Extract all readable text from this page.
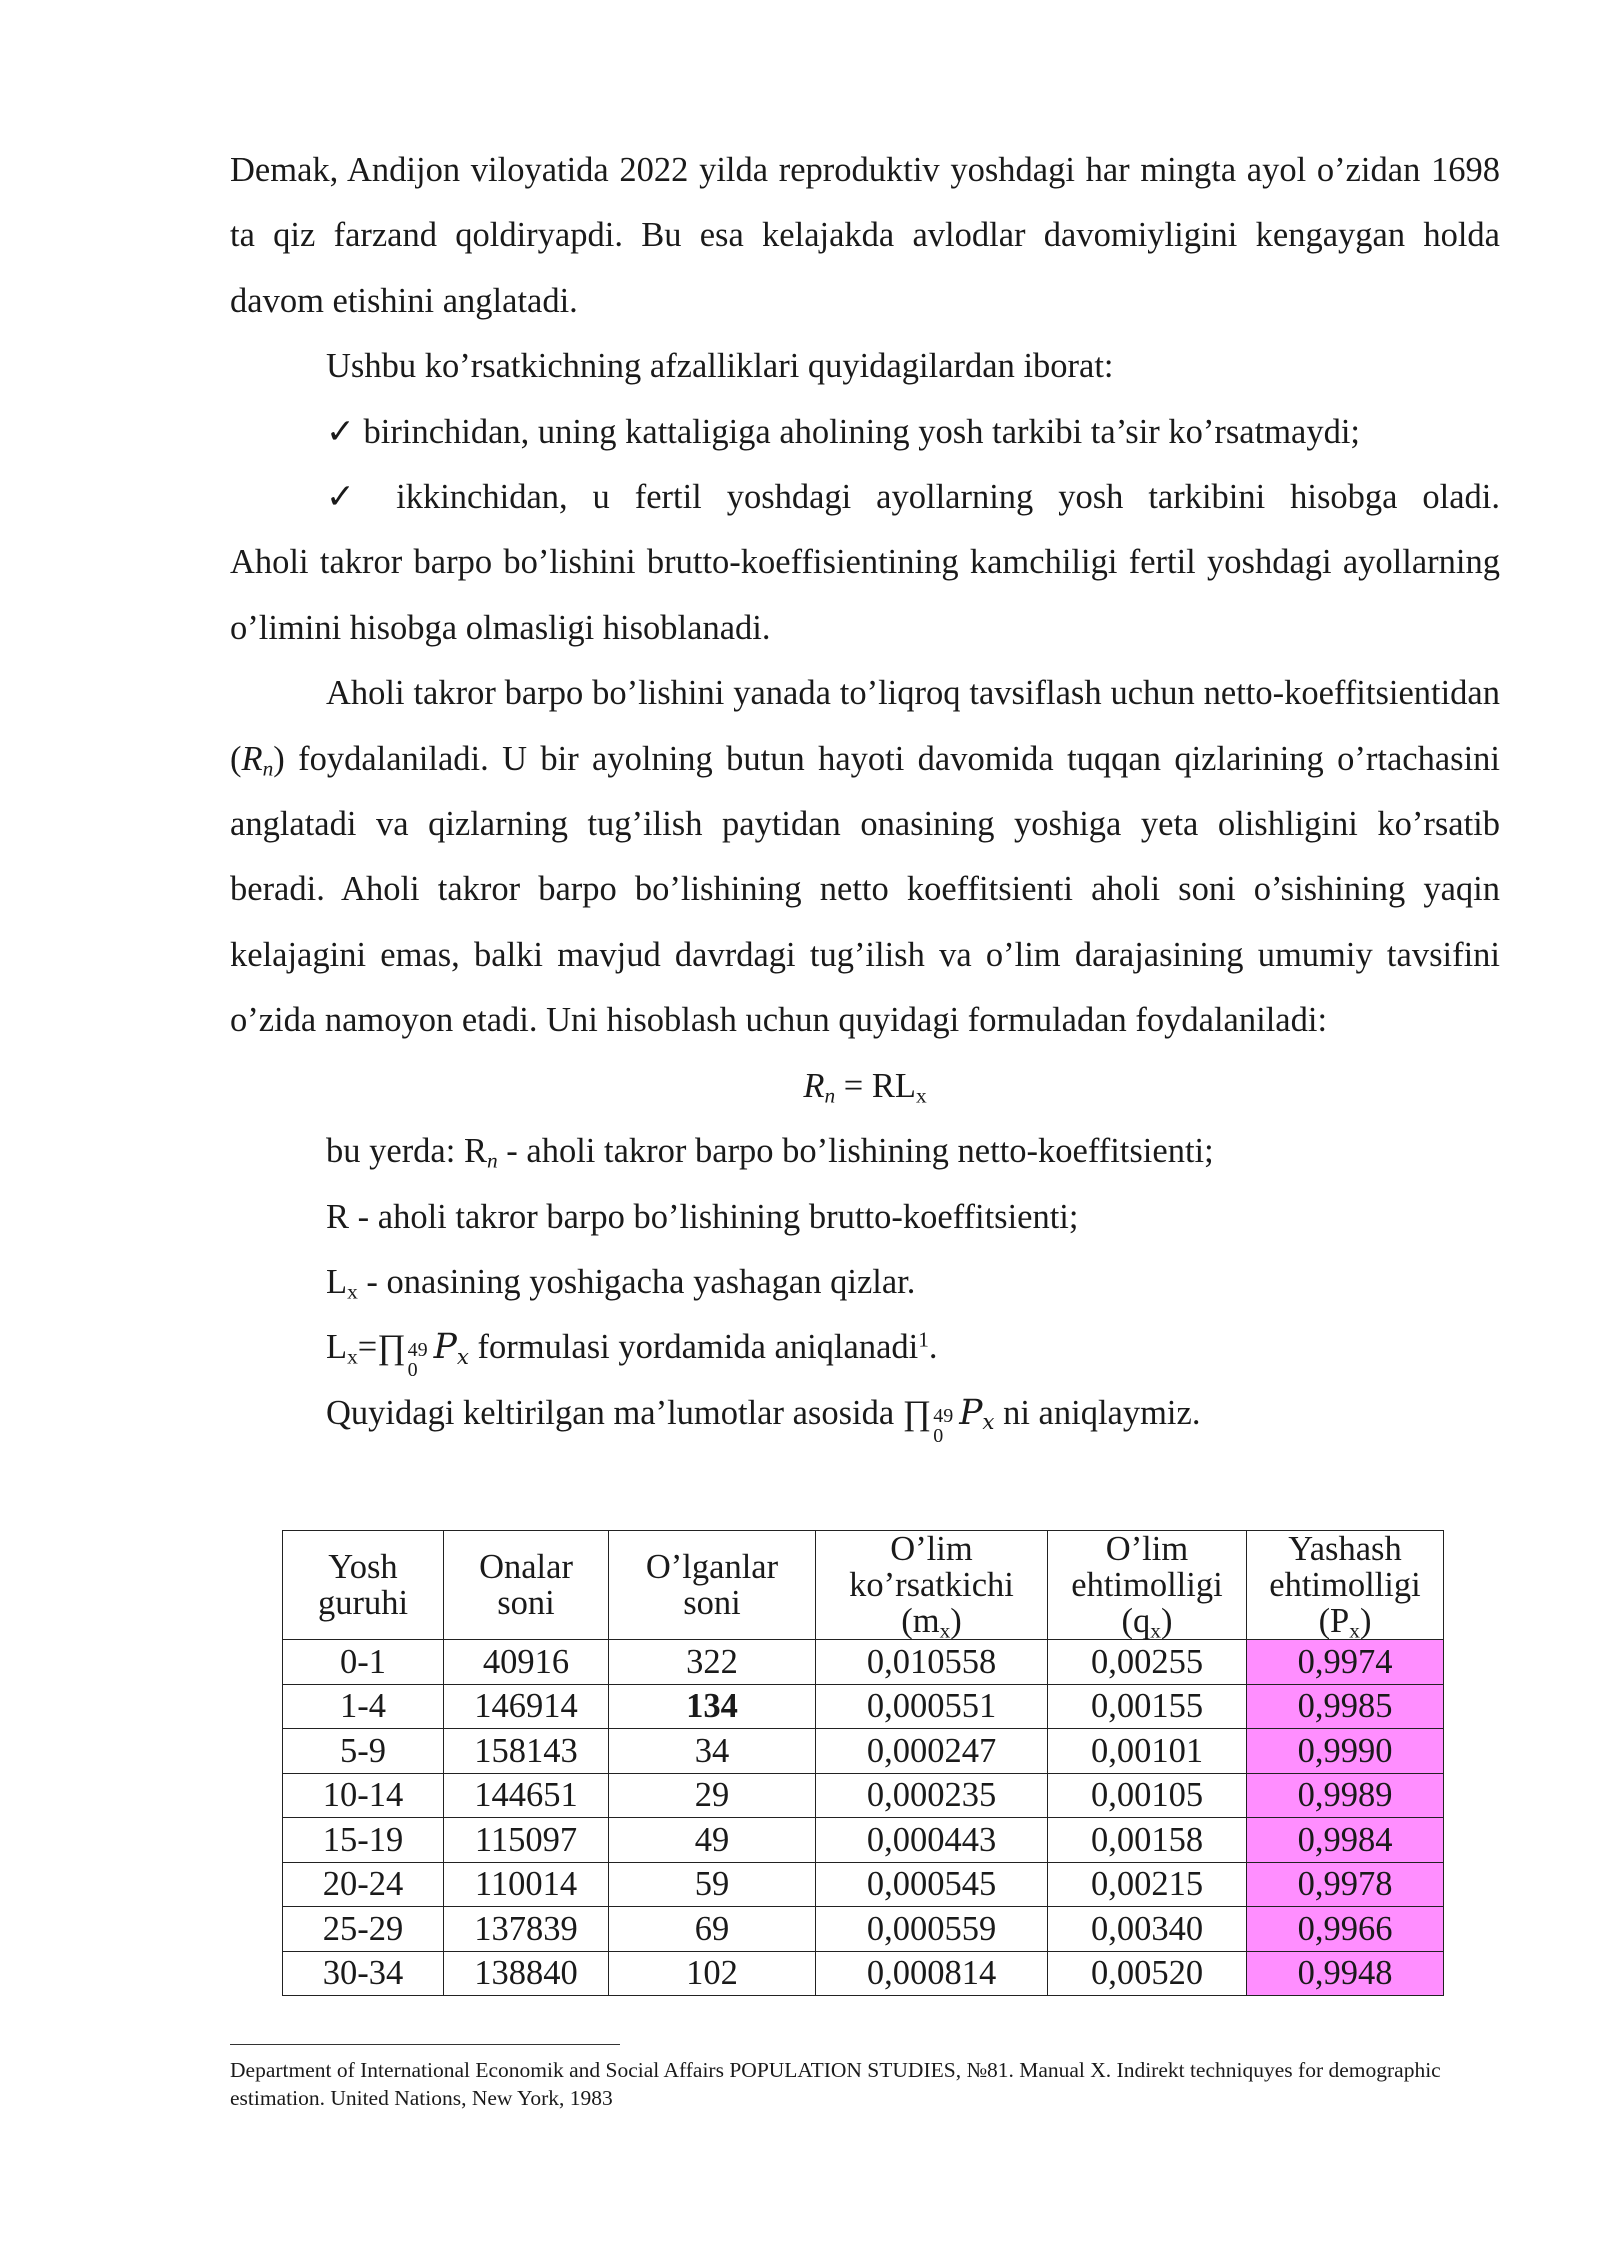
Demak, Andijon viloyatida 2022 yilda reproduktiv yoshdagi har mingta ayol o’zidan 1698 ta qiz farzand qoldiryapdi. Bu esa kelajakda avlodlar davomiyligini kengaygan holda davom etishini anglatadi.

Ushbu ko’rsatkichning afzalliklari quyidagilardan iborat:

✓ birinchidan, uning kattaligiga aholining yosh tarkibi ta’sir ko’rsatmaydi;

✓ ikkinchidan, u fertil yoshdagi ayollarning yosh tarkibini hisobga oladi.

Aholi takror barpo bo’lishini brutto-koeffisientining kamchiligi fertil yoshdagi ayollarning o’limini hisobga olmasligi hisoblanadi.

Aholi takror barpo bo’lishini yanada to’liqroq tavsiflash uchun netto-koeffitsientidan $(R_n)$ foydalaniladi. U bir ayolning butun hayoti davomida tuqqan qizlarining o’rtachasini anglatadi va qizlarning tug’ilish paytidan onasining yoshiga yeta olishligini ko’rsatib beradi. Aholi takror barpo bo’lishining netto koeffitsienti aholi soni o’sishining yaqin kelajagini emas, balki mavjud davrdagi tug’ilish va o’lim darajasining umumiy tavsifini o’zida namoyon etadi. Uni hisoblash uchun quyidagi formuladan foydalaniladi:

$R_n = RL_x$

bu yerda: $R_n$ - aholi takror barpo bo’lishining netto-koeffitsienti;

R - aholi takror barpo bo’lishining brutto-koeffitsienti;

$L_x$ - onasining yoshigacha yashagan qizlar.

$L_x=\prod$ 49
0
$P_x$ formulasi yordamida aniqlanadi$^1$.

Quyidagi keltirilgan ma’lumotlar asosida ∏ 49
0
$P_x$ ni aniqlaymiz.

Yosh
guruhi	Onalar
soni	O’lganlar
soni	O’lim
ko’rsatkichi
$(m_x)$	O’lim
ehtimolligi
$(q_x)$	Yashash
ehtimolligi
$(P_x)$
0-1	40916	322	0,010558	0,00255	0,9974
1-4	146914	134	0,000551	0,00155	0,9985
5-9	158143	34	0,000247	0,00101	0,9990
10-14	144651	29	0,000235	0,00105	0,9989
15-19	115097	49	0,000443	0,00158	0,9984
20-24	110014	59	0,000545	0,00215	0,9978
25-29	137839	69	0,000559	0,00340	0,9966
30-34	138840	102	0,000814	0,00520	0,9948
Department of International Economik and Social Affairs POPULATION STUDIES, №81. Manual X. Indirekt techniquyes for demographic estimation. United Nations, New York, 1983
